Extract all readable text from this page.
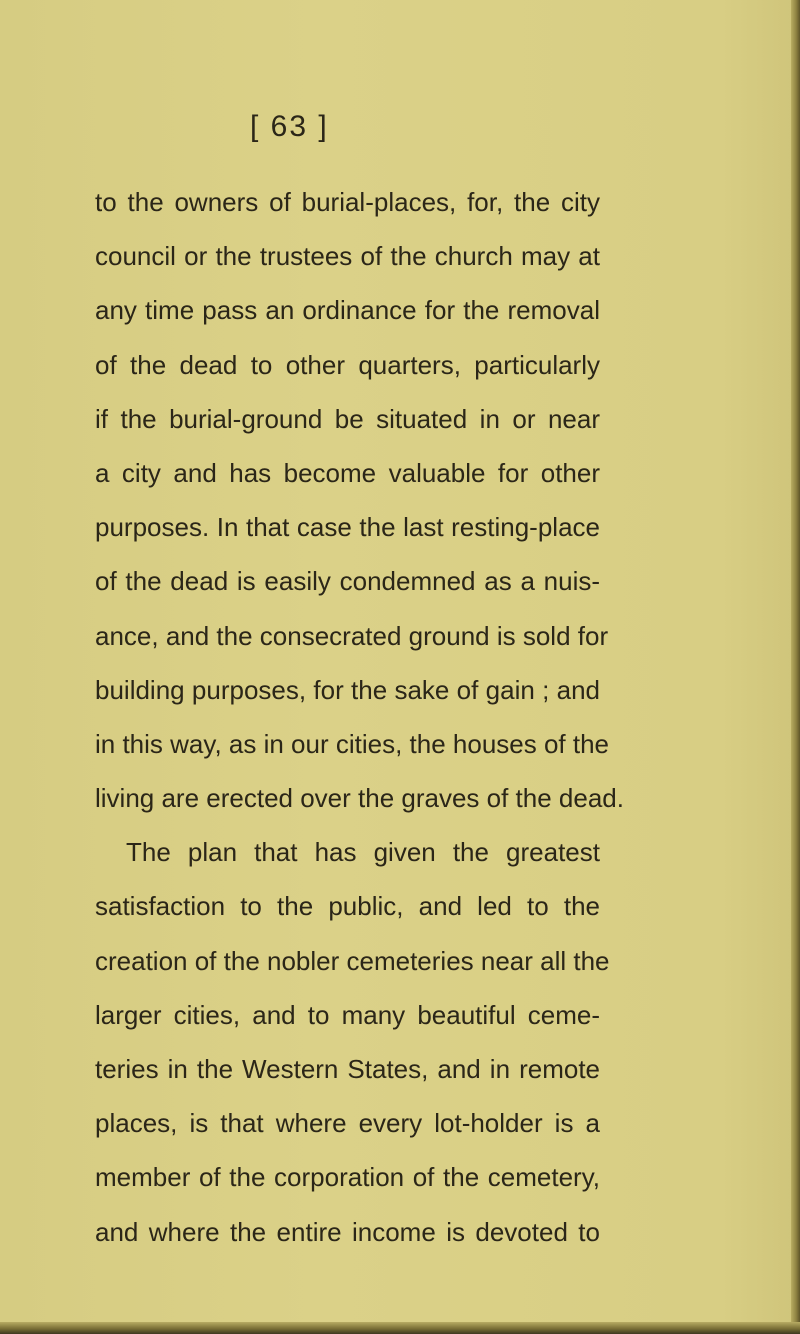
[ 63 ]
to the owners of burial-places, for, the city
council or the trustees of the church may at
any time pass an ordinance for the removal
of the dead to other quarters, particularly
if the burial-ground be situated in or near
a city and has become valuable for other
purposes. In that case the last resting-place
of the dead is easily condemned as a nuis-
ance, and the consecrated ground is sold for
building purposes, for the sake of gain ; and
in this way, as in our cities, the houses of the
living are erected over the graves of the dead.
The plan that has given the greatest
satisfaction to the public, and led to the
creation of the nobler cemeteries near all the
larger cities, and to many beautiful ceme-
teries in the Western States, and in remote
places, is that where every lot-holder is a
member of the corporation of the cemetery,
and where the entire income is devoted to
